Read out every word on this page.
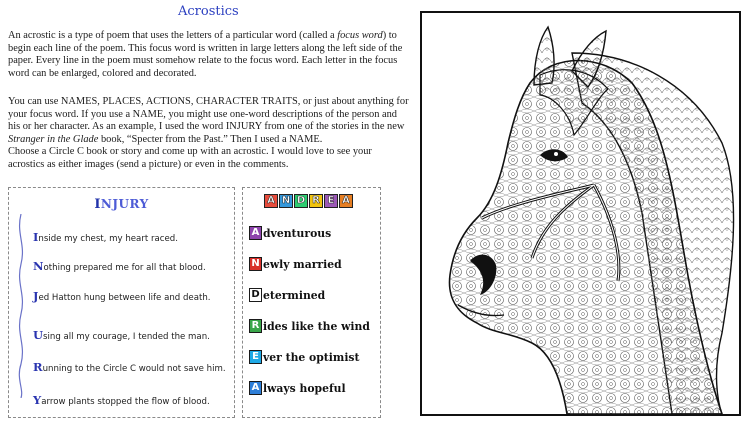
Acrostics
An acrostic is a type of poem that uses the letters of a particular word (called a focus word) to begin each line of the poem. This focus word is written in large letters along the left side of the paper. Every line in the poem must somehow relate to the focus word. Each letter in the focus word can be enlarged, colored and decorated.
You can use NAMES, PLACES, ACTIONS, CHARACTER TRAITS, or just about anything for your focus word. If you use a NAME, you might use one-word descriptions of the person and his or her character. As an example, I used the word INJURY from one of the stories in the new Stranger in the Glade book, “Specter from the Past.” Then I used a NAME.
Choose a Circle C book or story and come up with an acrostic. I would love to see your acrostics as either images (send a picture) or even in the comments.
INJURY
Inside my chest, my heart raced.
Nothing prepared me for all that blood.
Jed Hatton hung between life and death.
Using all my courage, I tended the man.
Running to the Circle C would not save him.
Yarrow plants stopped the flow of blood.
A N D R E A
A dventurous
N ewly married
D etermined
R ides like the wind
E ver the optimist
A lways hopeful
